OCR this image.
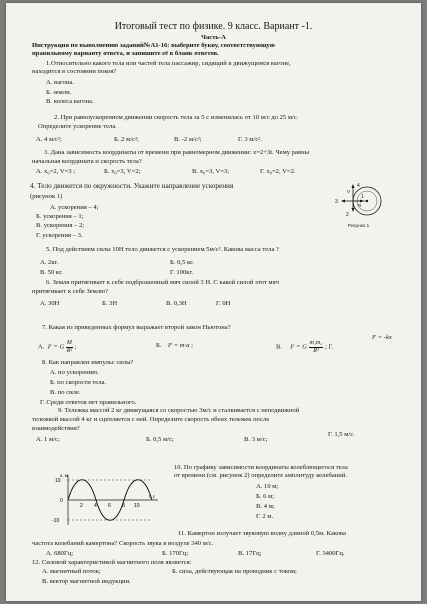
Итоговый тест по физике. 9 класс. Вариант -1.
Часть-А
Инструкция по выполнению заданий№А1-16: выберите букву, соответствующую
правильному варианту ответа, и запишите её в бланк ответов.
1.Относительно какого тела или частей тела пассажир, сидящий в движущемся вагоне,
находится в состоянии покоя?
А. вагона.
Б. земли.
В. колеса вагона.
2. При равноускоренном движении скорость тела за 5 с изменилась от 10 м/с до 25 м/с.
Определите ускорение тела.
А. 4 м/с²;	Б. 2 м/с²;	В. -2 м/с²;	Г. 3 м/с².
3. Дана зависимость координаты от времени при равномерном движении: x=2+3t. Чему равны
начальная координата и скорость тела?
А. x₀=2, V=3 ;	Б. x₀=3, V=2;	В. x₀=3, V=3;	Г. x₀=2, V=2.
4. Тело движется по окружности. Укажите направление ускорения
(рисунок 1)
А. ускорения – 4;
Б. ускорения – 1;
В. ускорения – 2;
Г. ускорения – 3.
4
3
2
1
V
R
Рисунок 1
5. Под действием силы 10Н тело движется с ускорением 5м/с². Какова масса тела ?
А. 2кг.	Б. 0,5 кг.
В. 50 кг.	Г. 100кг.
6. Земля притягивает к себе подброшенный мяч силой 3 Н. С какой силой этот мяч
притягивает к себе Землю?
А. 30Н	Б. 3Н	В. 0,3Н	Г. 0Н
7. Какая из приведенных формул выражает второй закон Ньютона?
А. F = G $\frac{M}{\text{R²}}$ ;	Б. F = m·a ;	В. F = G $\frac{\text{m₁m₂}}{\text{R²}}$ ; Г.
F = -kx
8. Как направлен импульс силы?
А. по ускорению.
Б. по скорости тела.
В. по силе.
Г. Среди ответов нет правильного.
9. Тележка массой 2 кг движущаяся со скоростью 3м/с и сталкивается с неподвижной
тележкой массой 4 кг и сцепляется с ней. Определите скорость обеих тележек после
взаимодействия?
А. 1 м/с;	Б. 0,5 м/с;	В. 3 м/с;
Г. 1,5 м/с.
x, м
t, c
10
0
-10
2 4 6 8 10
10. По графику зависимости координаты колеблющегося тела
от времени (см. рисунок 2) определите амплитуду колебаний.
А. 10 м;
Б. 6 м;
В. 4 м;
Г. 2 м.
11. Камертон излучает звуковую волну длиной 0,5м. Какова
частота колебаний камертона? Скорость звука в воздухе 340 м/с.
А. 680Гц;	Б. 170Гц;	В. 17Гц;	Г. 3400Гц.
12. Силовой характеристикой магнитного поля является:
А. магнитный поток;	Б. сила, действующая на проводник с током;
В. вектор магнитной индукции.
